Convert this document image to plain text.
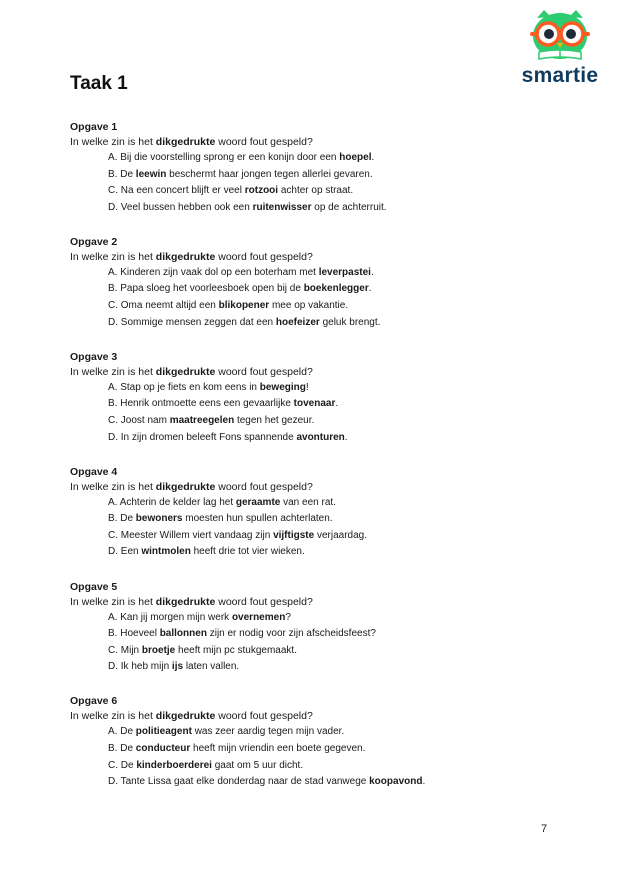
smartie
Taak 1
Opgave 1
In welke zin is het dikgedrukte woord fout gespeld?
A. Bij die voorstelling sprong er een konijn door een hoepel.
B. De leewin beschermt haar jongen tegen allerlei gevaren.
C. Na een concert blijft er veel rotzooi achter op straat.
D. Veel bussen hebben ook een ruitenwisser op de achterruit.
Opgave 2
In welke zin is het dikgedrukte woord fout gespeld?
A. Kinderen zijn vaak dol op een boterham met leverpastei.
B. Papa sloeg het voorleesboek open bij de boekenlegger.
C. Oma neemt altijd een blikopener mee op vakantie.
D. Sommige mensen zeggen dat een hoefeizer geluk brengt.
Opgave 3
In welke zin is het dikgedrukte woord fout gespeld?
A. Stap op je fiets en kom eens in beweging!
B. Henrik ontmoette eens een gevaarlijke tovenaar.
C. Joost nam maatreegelen tegen het gezeur.
D. In zijn dromen beleeft Fons spannende avonturen.
Opgave 4
In welke zin is het dikgedrukte woord fout gespeld?
A. Achterin de kelder lag het geraamte van een rat.
B. De bewoners moesten hun spullen achterlaten.
C. Meester Willem viert vandaag zijn vijftigste verjaardag.
D. Een wintmolen heeft drie tot vier wieken.
Opgave 5
In welke zin is het dikgedrukte woord fout gespeld?
A. Kan jij morgen mijn werk overnemen?
B. Hoeveel ballonnen zijn er nodig voor zijn afscheidsfeest?
C. Mijn broetje heeft mijn pc stukgemaakt.
D. Ik heb mijn ijs laten vallen.
Opgave 6
In welke zin is het dikgedrukte woord fout gespeld?
A. De politieagent was zeer aardig tegen mijn vader.
B. De conducteur heeft mijn vriendin een boete gegeven.
C. De kinderboerderei gaat om 5 uur dicht.
D. Tante Lissa gaat elke donderdag naar de stad vanwege koopavond.
7
